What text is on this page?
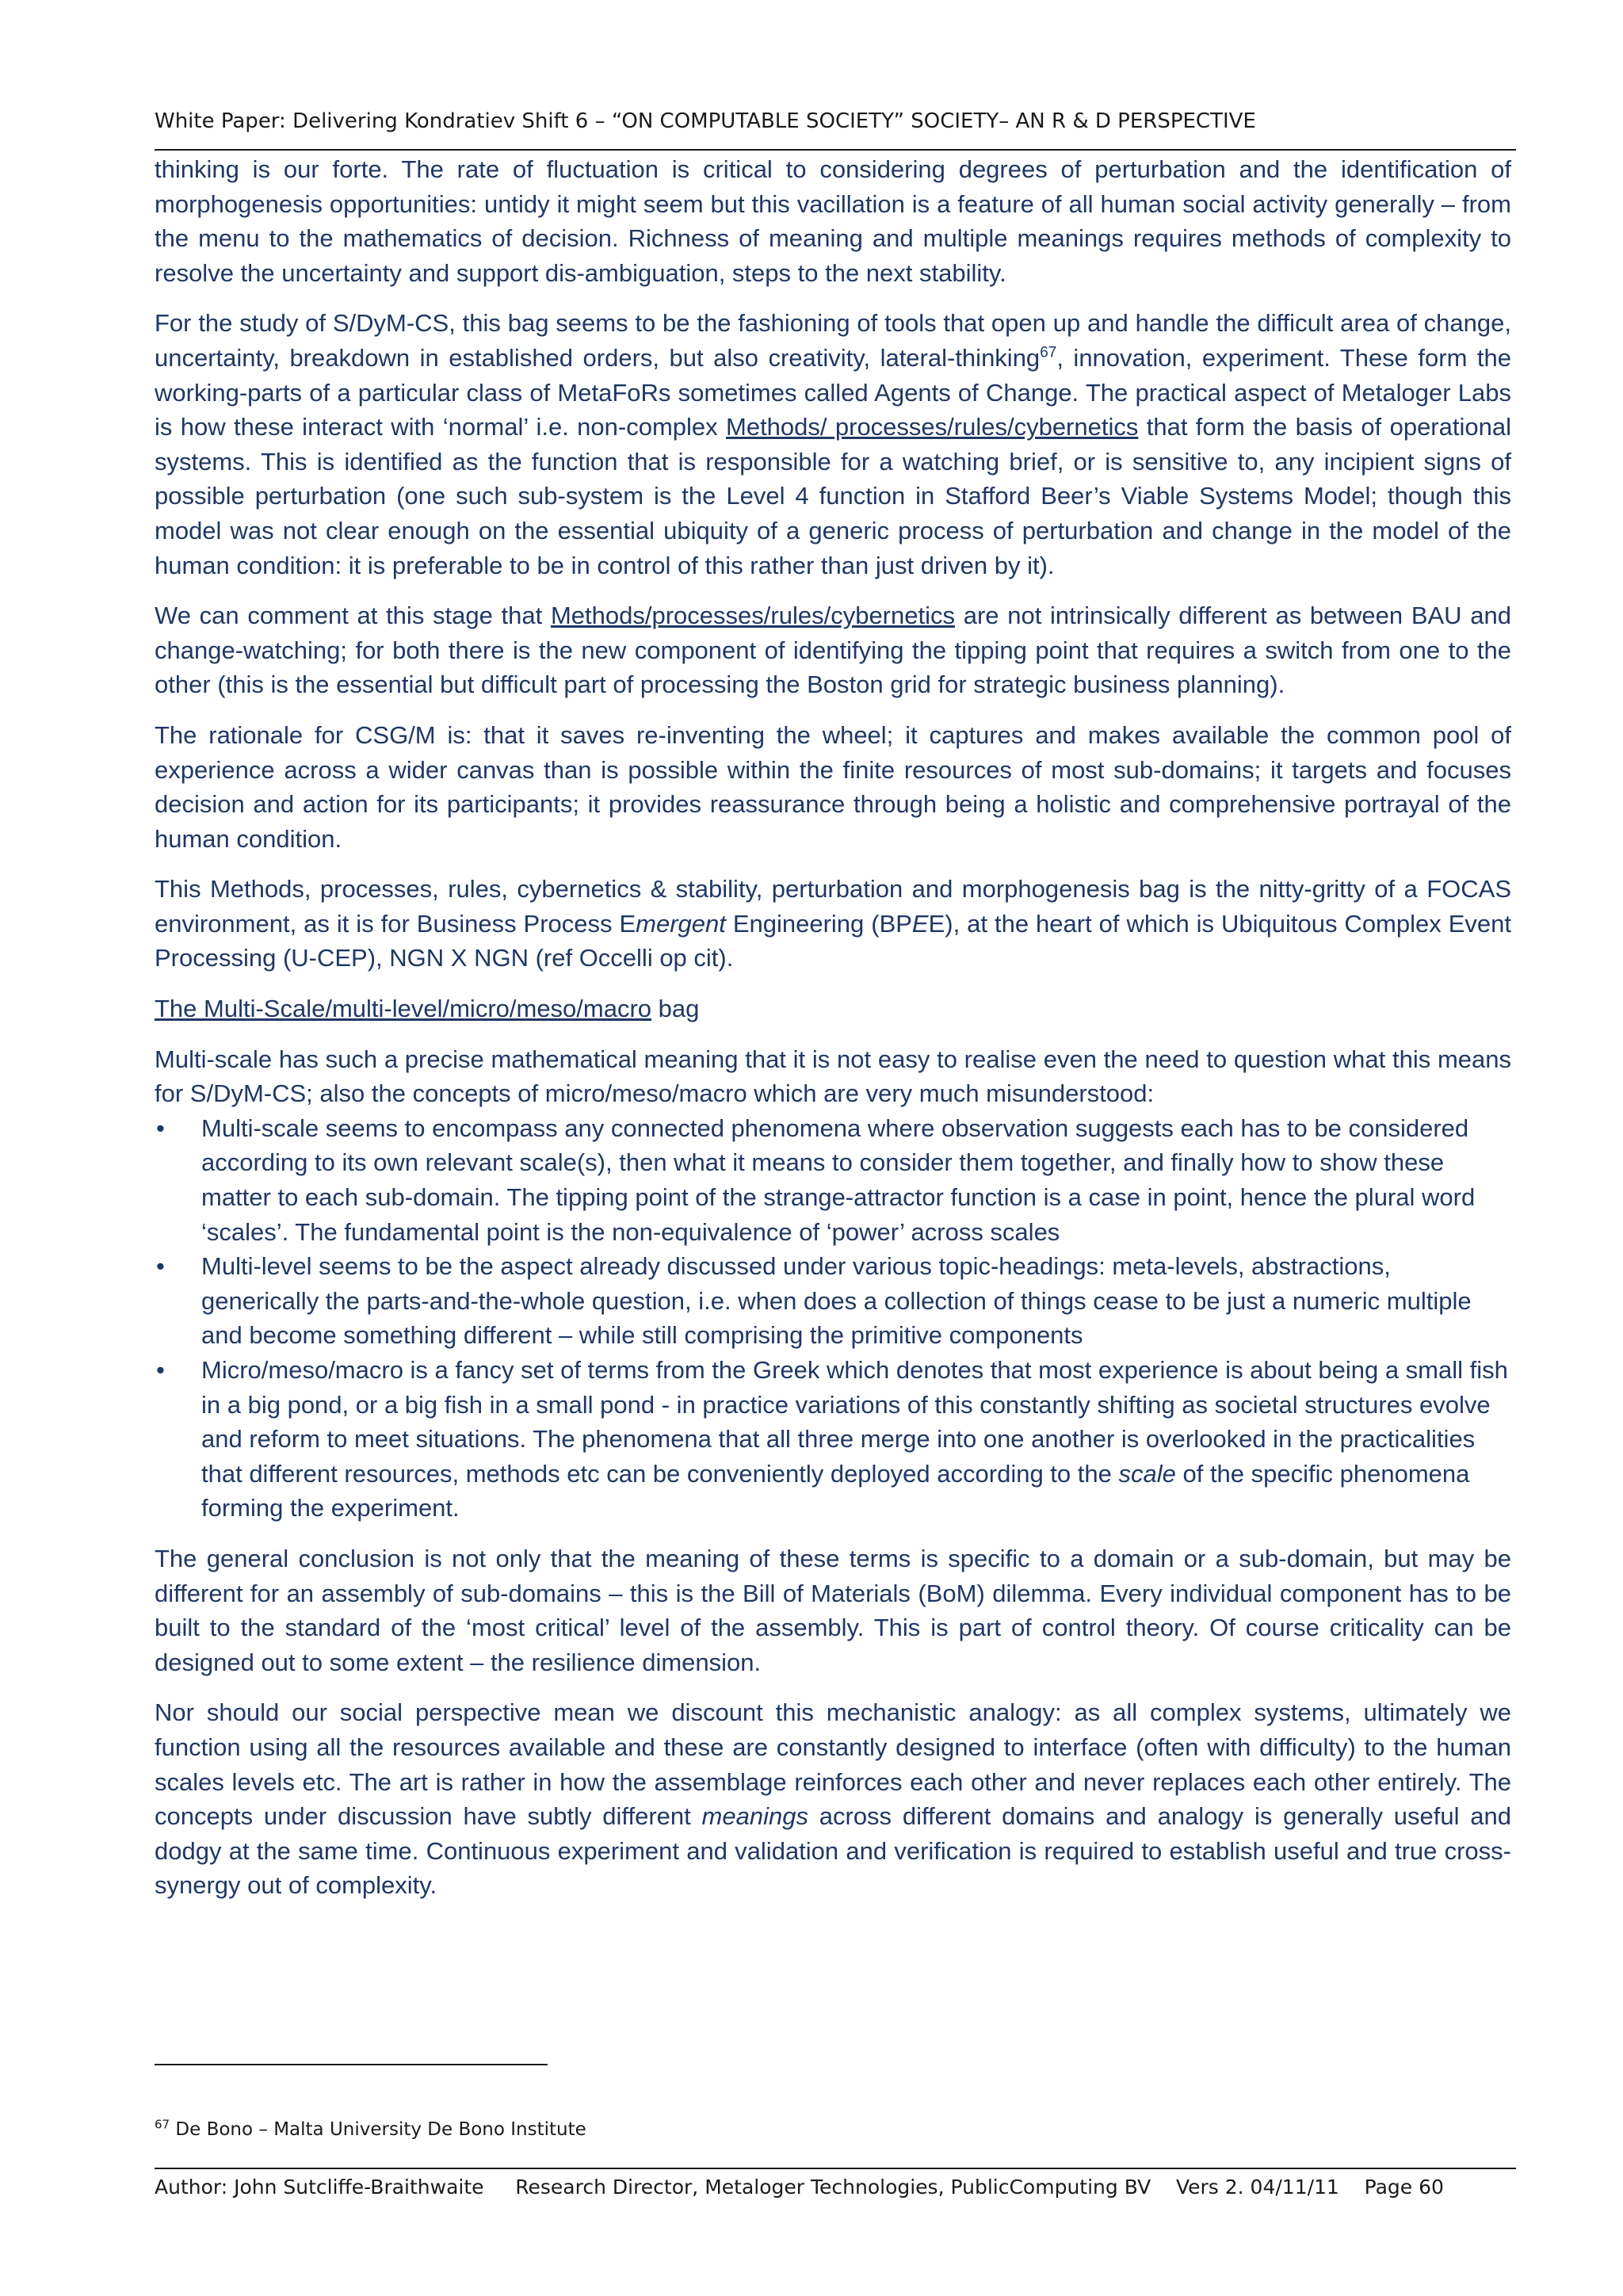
White Paper: Delivering Kondratiev Shift 6 – “ON COMPUTABLE SOCIETY” SOCIETY– AN R & D PERSPECTIVE

thinking is our forte. The rate of fluctuation is critical to considering degrees of perturbation and the identification of morphogenesis opportunities: untidy it might seem but this vacillation is a feature of all human social activity generally – from the menu to the mathematics of decision. Richness of meaning and multiple meanings requires methods of complexity to resolve the uncertainty and support dis-ambiguation, steps to the next stability.

For the study of S/DyM-CS, this bag seems to be the fashioning of tools that open up and handle the difficult area of change, uncertainty, breakdown in established orders, but also creativity, lateral-thinking$^{67}$, innovation, experiment. These form the working-parts of a particular class of MetaFoRs sometimes called Agents of Change. The practical aspect of Metaloger Labs is how these interact with ‘normal’ i.e. non-complex Methods/ processes/rules/cybernetics that form the basis of operational systems. This is identified as the function that is responsible for a watching brief, or is sensitive to, any incipient signs of possible perturbation (one such sub-system is the Level 4 function in Stafford Beer’s Viable Systems Model; though this model was not clear enough on the essential ubiquity of a generic process of perturbation and change in the model of the human condition: it is preferable to be in control of this rather than just driven by it).

We can comment at this stage that Methods/processes/rules/cybernetics are not intrinsically different as between BAU and change-watching; for both there is the new component of identifying the tipping point that requires a switch from one to the other (this is the essential but difficult part of processing the Boston grid for strategic business planning).

The rationale for CSG/M is: that it saves re-inventing the wheel; it captures and makes available the common pool of experience across a wider canvas than is possible within the finite resources of most sub-domains; it targets and focuses decision and action for its participants; it provides reassurance through being a holistic and comprehensive portrayal of the human condition.

This Methods, processes, rules, cybernetics & stability, perturbation and morphogenesis bag is the nitty-gritty of a FOCAS environment, as it is for Business Process Emergent Engineering (BPEE), at the heart of which is Ubiquitous Complex Event Processing (U-CEP), NGN X NGN (ref Occelli op cit).

The Multi-Scale/multi-level/micro/meso/macro bag

Multi-scale has such a precise mathematical meaning that it is not easy to realise even the need to question what this means for S/DyM-CS; also the concepts of micro/meso/macro which are very much misunderstood:

• Multi-scale seems to encompass any connected phenomena where observation suggests each has to be considered according to its own relevant scale(s), then what it means to consider them together, and finally how to show these matter to each sub-domain. The tipping point of the strange-attractor function is a case in point, hence the plural word ‘scales’. The fundamental point is the non-equivalence of ‘power’ across scales
• Multi-level seems to be the aspect already discussed under various topic-headings: meta-levels, abstractions, generically the parts-and-the-whole question, i.e. when does a collection of things cease to be just a numeric multiple and become something different – while still comprising the primitive components
• Micro/meso/macro is a fancy set of terms from the Greek which denotes that most experience is about being a small fish in a big pond, or a big fish in a small pond - in practice variations of this constantly shifting as societal structures evolve and reform to meet situations. The phenomena that all three merge into one another is overlooked in the practicalities that different resources, methods etc can be conveniently deployed according to the scale of the specific phenomena forming the experiment.

The general conclusion is not only that the meaning of these terms is specific to a domain or a sub-domain, but may be different for an assembly of sub-domains – this is the Bill of Materials (BoM) dilemma. Every individual component has to be built to the standard of the ‘most critical’ level of the assembly. This is part of control theory. Of course criticality can be designed out to some extent – the resilience dimension.

Nor should our social perspective mean we discount this mechanistic analogy: as all complex systems, ultimately we function using all the resources available and these are constantly designed to interface (often with difficulty) to the human scales levels etc. The art is rather in how the assemblage reinforces each other and never replaces each other entirely. The concepts under discussion have subtly different meanings across different domains and analogy is generally useful and dodgy at the same time. Continuous experiment and validation and verification is required to establish useful and true cross-synergy out of complexity.

$^{67}$ De Bono – Malta University De Bono Institute
Author: John Sutcliffe-Braithwaite     Research Director, Metaloger Technologies, PublicComputing BV    Vers 2. 04/11/11    Page 60
